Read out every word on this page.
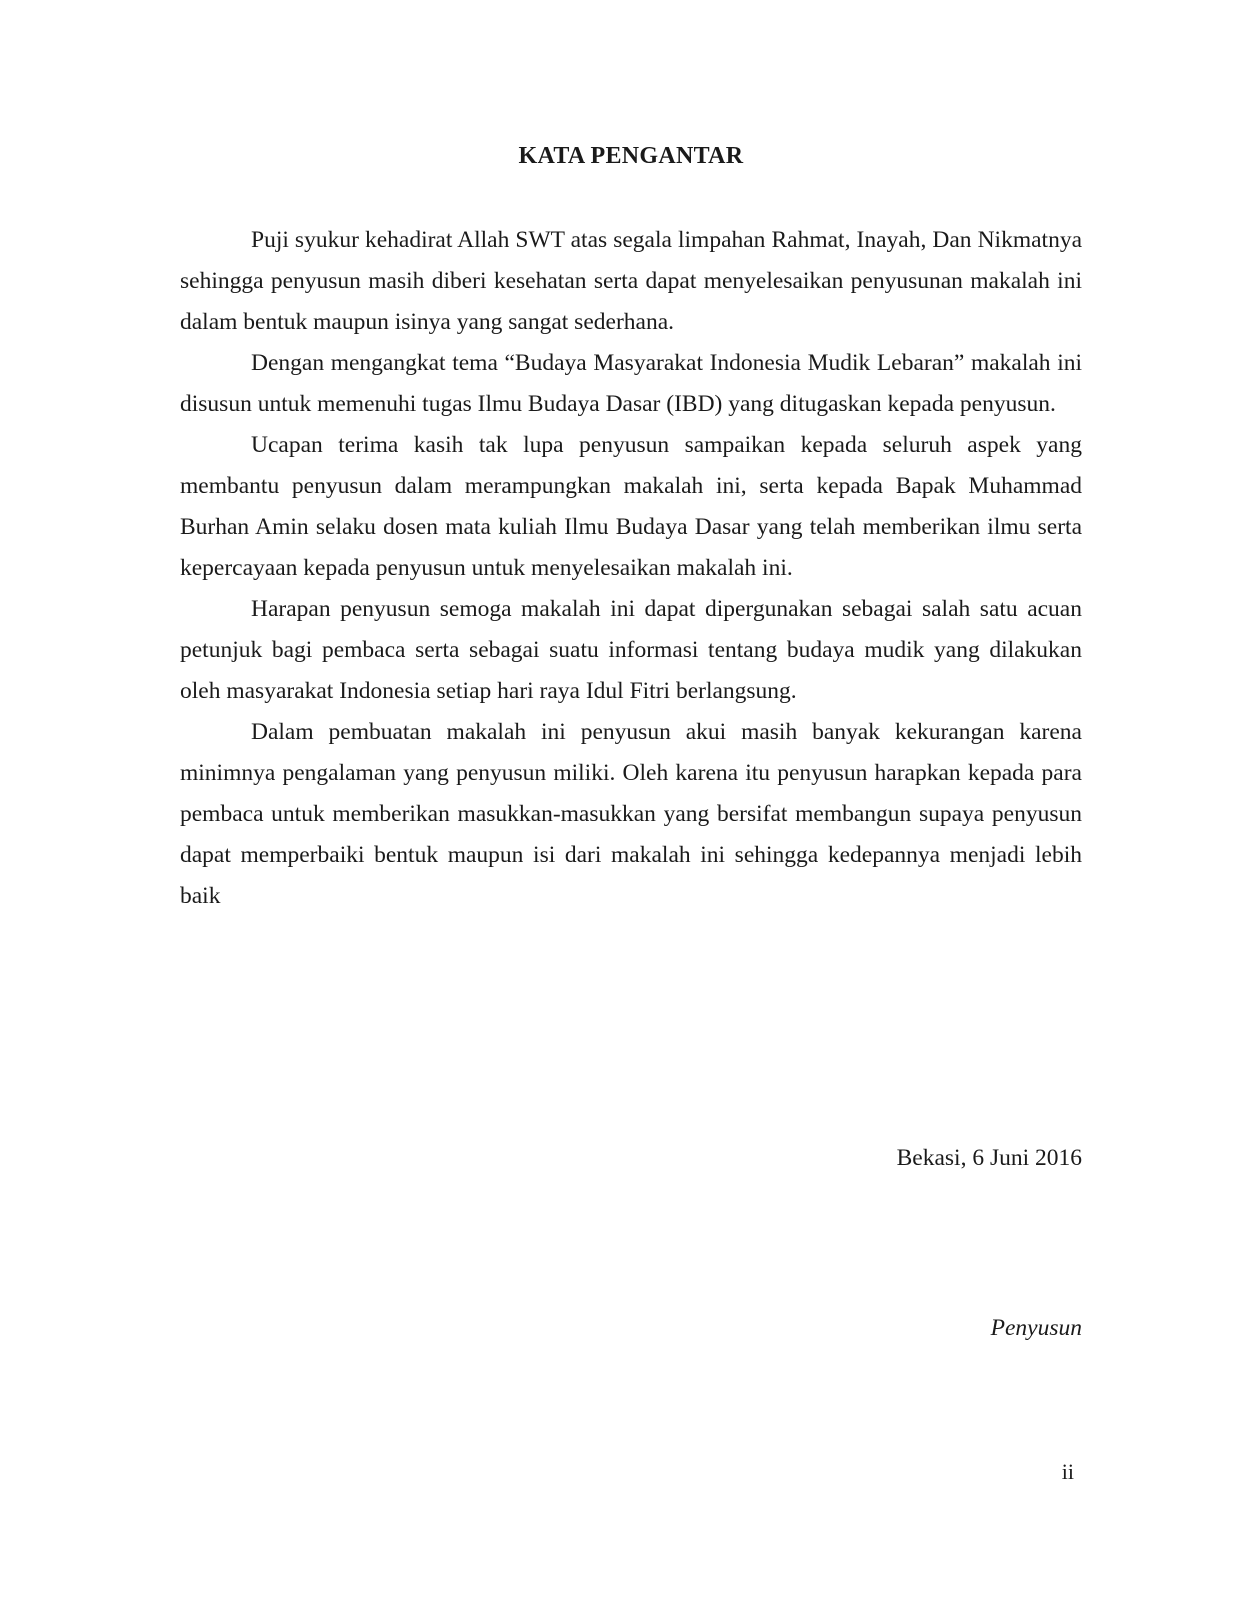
KATA PENGANTAR

Puji syukur kehadirat Allah SWT atas segala limpahan Rahmat, Inayah, Dan Nikmatnya sehingga penyusun masih diberi kesehatan serta dapat menyelesaikan penyusunan makalah ini dalam bentuk maupun isinya yang sangat sederhana.

Dengan mengangkat tema “Budaya Masyarakat Indonesia Mudik Lebaran” makalah ini disusun untuk memenuhi tugas Ilmu Budaya Dasar (IBD) yang ditugaskan kepada penyusun.

Ucapan terima kasih tak lupa penyusun sampaikan kepada seluruh aspek yang membantu penyusun dalam merampungkan makalah ini, serta kepada Bapak Muhammad Burhan Amin selaku dosen mata kuliah Ilmu Budaya Dasar yang telah memberikan ilmu serta kepercayaan kepada penyusun untuk menyelesaikan makalah ini.

Harapan penyusun semoga makalah ini dapat dipergunakan sebagai salah satu acuan petunjuk bagi pembaca serta sebagai suatu informasi tentang budaya mudik yang dilakukan oleh masyarakat Indonesia setiap hari raya Idul Fitri berlangsung.

Dalam pembuatan makalah ini penyusun akui masih banyak kekurangan karena minimnya pengalaman yang penyusun miliki. Oleh karena itu penyusun harapkan kepada para pembaca untuk memberikan masukkan-masukkan yang bersifat membangun supaya penyusun dapat memperbaiki bentuk maupun isi dari makalah ini sehingga kedepannya menjadi lebih baik

Bekasi, 6 Juni 2016

Penyusun

ii
